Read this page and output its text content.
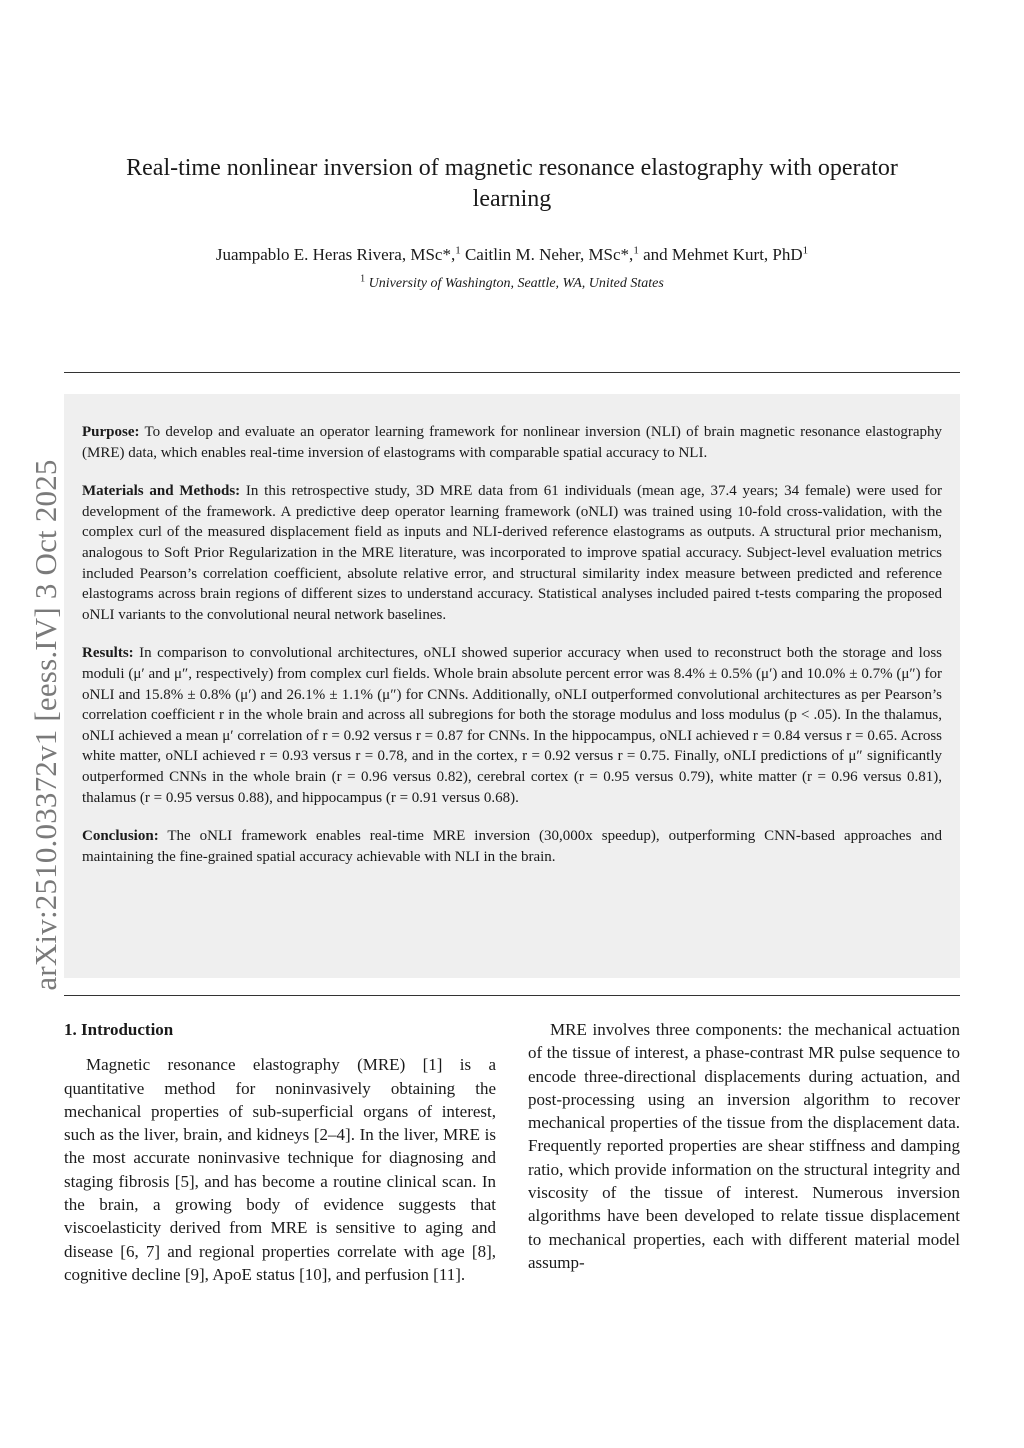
arXiv:2510.03372v1 [eess.IV] 3 Oct 2025
Real-time nonlinear inversion of magnetic resonance elastography with operator learning
Juampablo E. Heras Rivera, MSc*,$^1$ Caitlin M. Neher, MSc*,$^1$ and Mehmet Kurt, PhD$^1$
$^1$ University of Washington, Seattle, WA, United States

Purpose: To develop and evaluate an operator learning framework for nonlinear inversion (NLI) of brain magnetic resonance elastography (MRE) data, which enables real-time inversion of elastograms with comparable spatial accuracy to NLI.

Materials and Methods: In this retrospective study, 3D MRE data from 61 individuals (mean age, 37.4 years; 34 female) were used for development of the framework. A predictive deep operator learning framework (oNLI) was trained using 10-fold cross-validation, with the complex curl of the measured displacement field as inputs and NLI-derived reference elastograms as outputs. A structural prior mechanism, analogous to Soft Prior Regularization in the MRE literature, was incorporated to improve spatial accuracy. Subject-level evaluation metrics included Pearson’s correlation coefficient, absolute relative error, and structural similarity index measure between predicted and reference elastograms across brain regions of different sizes to understand accuracy. Statistical analyses included paired t-tests comparing the proposed oNLI variants to the convolutional neural network baselines.

Results: In comparison to convolutional architectures, oNLI showed superior accuracy when used to reconstruct both the storage and loss moduli (μ′ and μ″, respectively) from complex curl fields. Whole brain absolute percent error was 8.4% ± 0.5% (μ′) and 10.0% ± 0.7% (μ″) for oNLI and 15.8% ± 0.8% (μ′) and 26.1% ± 1.1% (μ″) for CNNs. Additionally, oNLI outperformed convolutional architectures as per Pearson’s correlation coefficient r in the whole brain and across all subregions for both the storage modulus and loss modulus (p < .05). In the thalamus, oNLI achieved a mean μ′ correlation of r = 0.92 versus r = 0.87 for CNNs. In the hippocampus, oNLI achieved r = 0.84 versus r = 0.65. Across white matter, oNLI achieved r = 0.93 versus r = 0.78, and in the cortex, r = 0.92 versus r = 0.75. Finally, oNLI predictions of μ″ significantly outperformed CNNs in the whole brain (r = 0.96 versus 0.82), cerebral cortex (r = 0.95 versus 0.79), white matter (r = 0.96 versus 0.81), thalamus (r = 0.95 versus 0.88), and hippocampus (r = 0.91 versus 0.68).

Conclusion: The oNLI framework enables real-time MRE inversion (30,000x speedup), outperforming CNN-based approaches and maintaining the fine-grained spatial accuracy achievable with NLI in the brain.

1. Introduction

Magnetic resonance elastography (MRE) [1] is a quantitative method for noninvasively obtaining the mechanical properties of sub-superficial organs of interest, such as the liver, brain, and kidneys [2–4]. In the liver, MRE is the most accurate noninvasive technique for diagnosing and staging fibrosis [5], and has become a routine clinical scan. In the brain, a growing body of evidence suggests that viscoelasticity derived from MRE is sensitive to aging and disease [6, 7] and regional properties correlate with age [8], cognitive decline [9], ApoE status [10], and perfusion [11].

MRE involves three components: the mechanical actuation of the tissue of interest, a phase-contrast MR pulse sequence to encode three-directional displacements during actuation, and post-processing using an inversion algorithm to recover mechanical properties of the tissue from the displacement data. Frequently reported properties are shear stiffness and damping ratio, which provide information on the structural integrity and viscosity of the tissue of interest. Numerous inversion algorithms have been developed to relate tissue displacement to mechanical properties, each with different material model assump-
